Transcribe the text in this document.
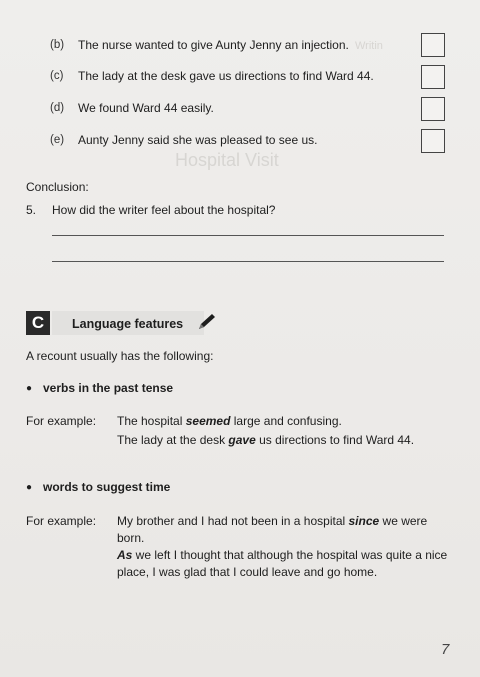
Writin
Hospital Visit
(b) The nurse wanted to give Aunty Jenny an injection.
(c) The lady at the desk gave us directions to find Ward 44.
(d) We found Ward 44 easily.
(e) Aunty Jenny said she was pleased to see us.
Conclusion:
5. How did the writer feel about the hospital?
C	Language features
A recount usually has the following:
● verbs in the past tense
For example: The hospital seemed large and confusing.
The lady at the desk gave us directions to find Ward 44.
● words to suggest time
For example: My brother and I had not been in a hospital since we were born.
As we left I thought that although the hospital was quite a nice place, I was glad that I could leave and go home.
7
